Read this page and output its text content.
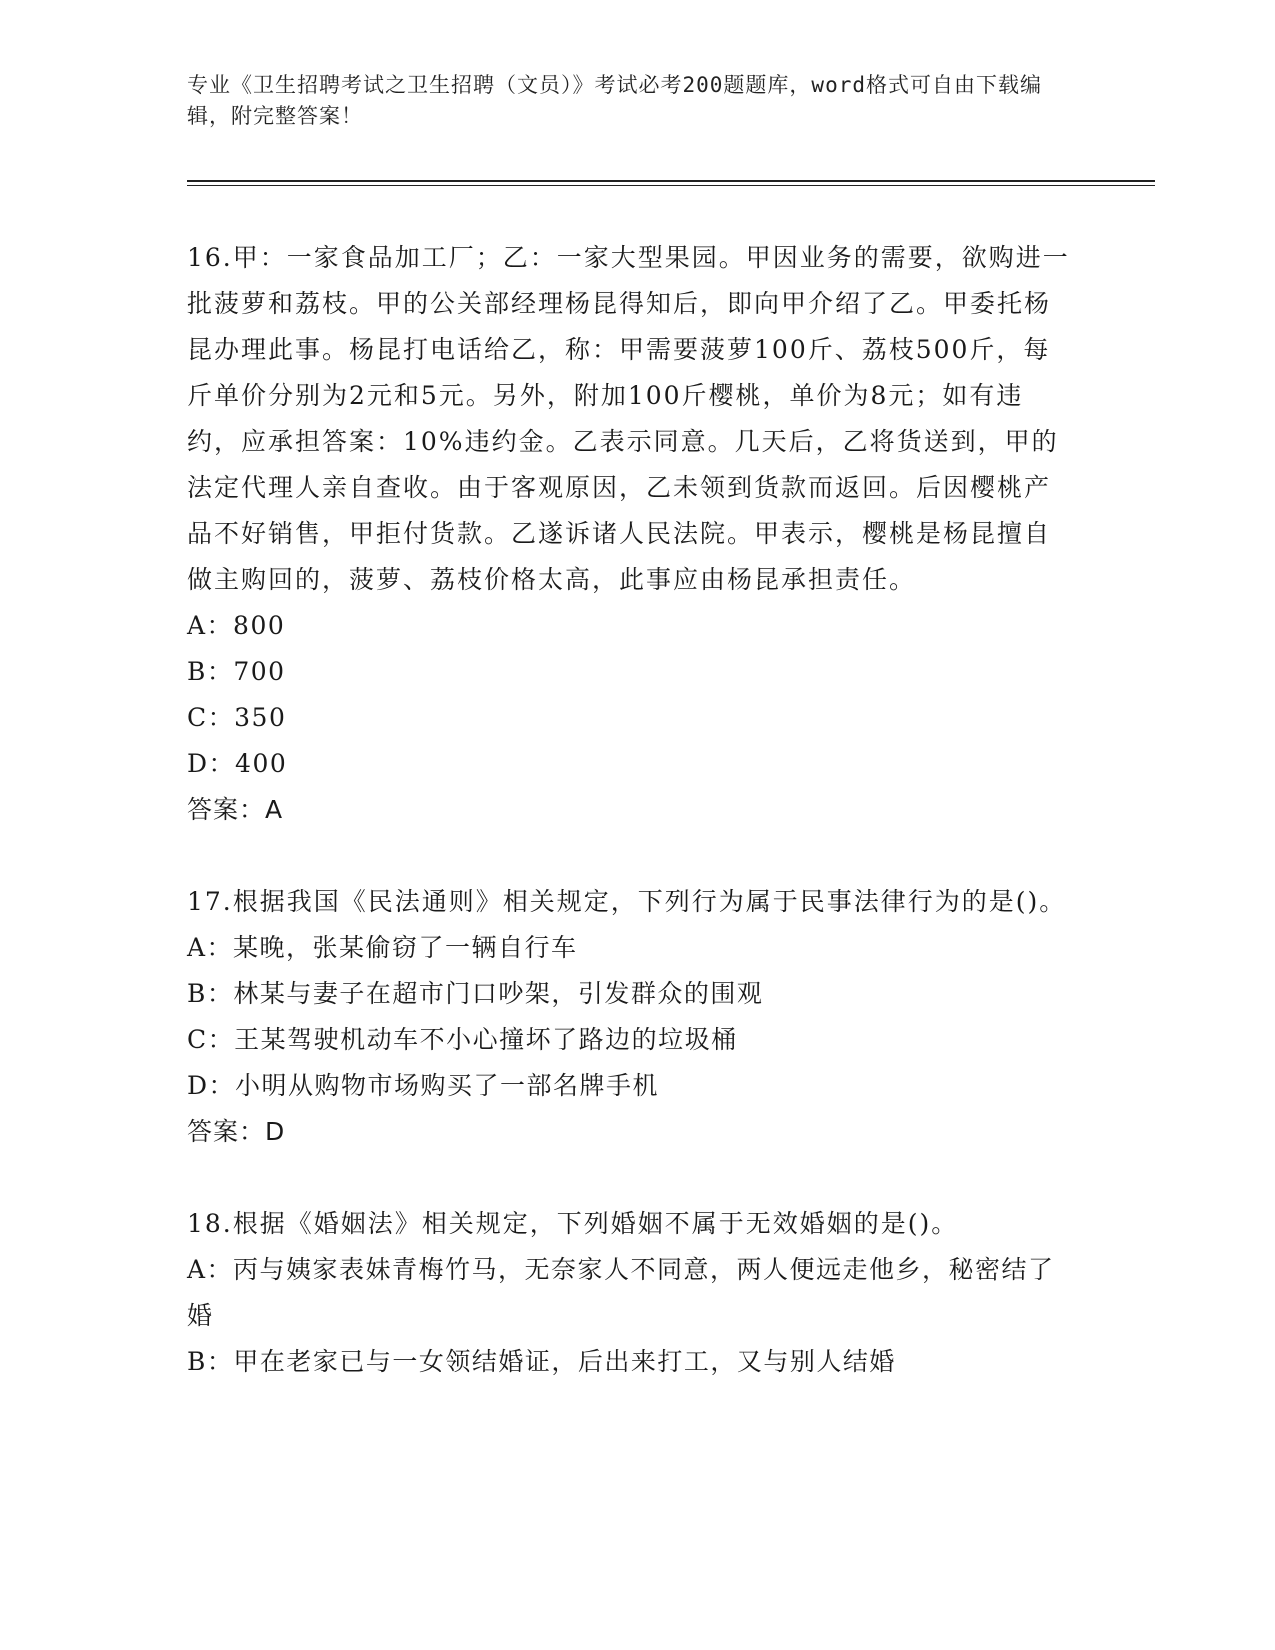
专业《卫生招聘考试之卫生招聘（文员）》考试必考200题题库，word格式可自由下载编辑，附完整答案！

16.甲：一家食品加工厂；乙：一家大型果园。甲因业务的需要，欲购进一批菠萝和荔枝。甲的公关部经理杨昆得知后，即向甲介绍了乙。甲委托杨昆办理此事。杨昆打电话给乙，称：甲需要菠萝100斤、荔枝500斤，每斤单价分别为2元和5元。另外，附加100斤樱桃，单价为8元；如有违约，应承担答案：10%违约金。乙表示同意。几天后，乙将货送到，甲的法定代理人亲自查收。由于客观原因，乙未领到货款而返回。后因樱桃产品不好销售，甲拒付货款。乙遂诉诸人民法院。甲表示，樱桃是杨昆擅自做主购回的，菠萝、荔枝价格太高，此事应由杨昆承担责任。

A：800

B：700

C：350

D：400

答案：A

17.根据我国《民法通则》相关规定，下列行为属于民事法律行为的是()。

A：某晚，张某偷窃了一辆自行车

B：林某与妻子在超市门口吵架，引发群众的围观

C：王某驾驶机动车不小心撞坏了路边的垃圾桶

D：小明从购物市场购买了一部名牌手机

答案：D

18.根据《婚姻法》相关规定，下列婚姻不属于无效婚姻的是()。

A：丙与姨家表妹青梅竹马，无奈家人不同意，两人便远走他乡，秘密结了婚

B：甲在老家已与一女领结婚证，后出来打工，又与别人结婚
